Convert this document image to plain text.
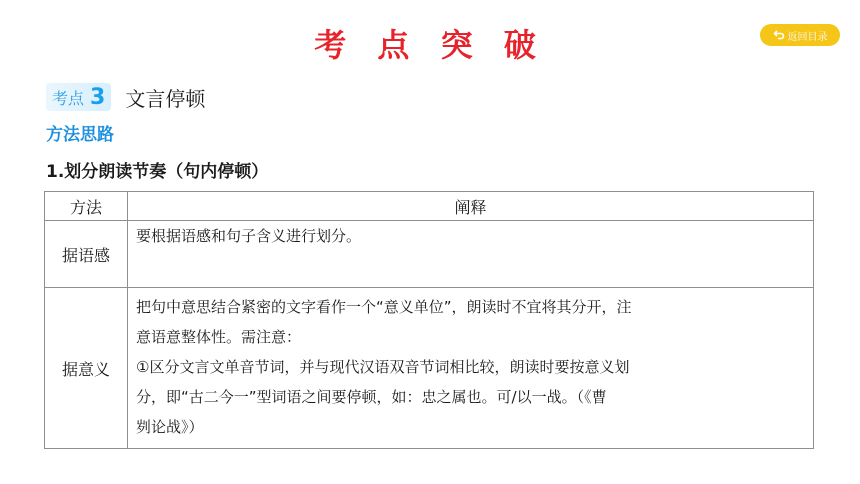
考 点 突 破	返回目录
考点 3 文言停顿
方法思路
1.划分朗读节奏（句内停顿）
方法	阐释
据语感	要根据语感和句子含义进行划分。

据意义	把句中意思结合紧密的文字看作一个“意义单位”，朗读时不宜将其分开，注
意语意整体性。需注意：
①区分文言文单音节词，并与现代汉语双音节词相比较，朗读时要按意义划
分，即“古二今一”型词语之间要停顿，如：忠之属也。可/以一战。（《曹
刿论战》）
